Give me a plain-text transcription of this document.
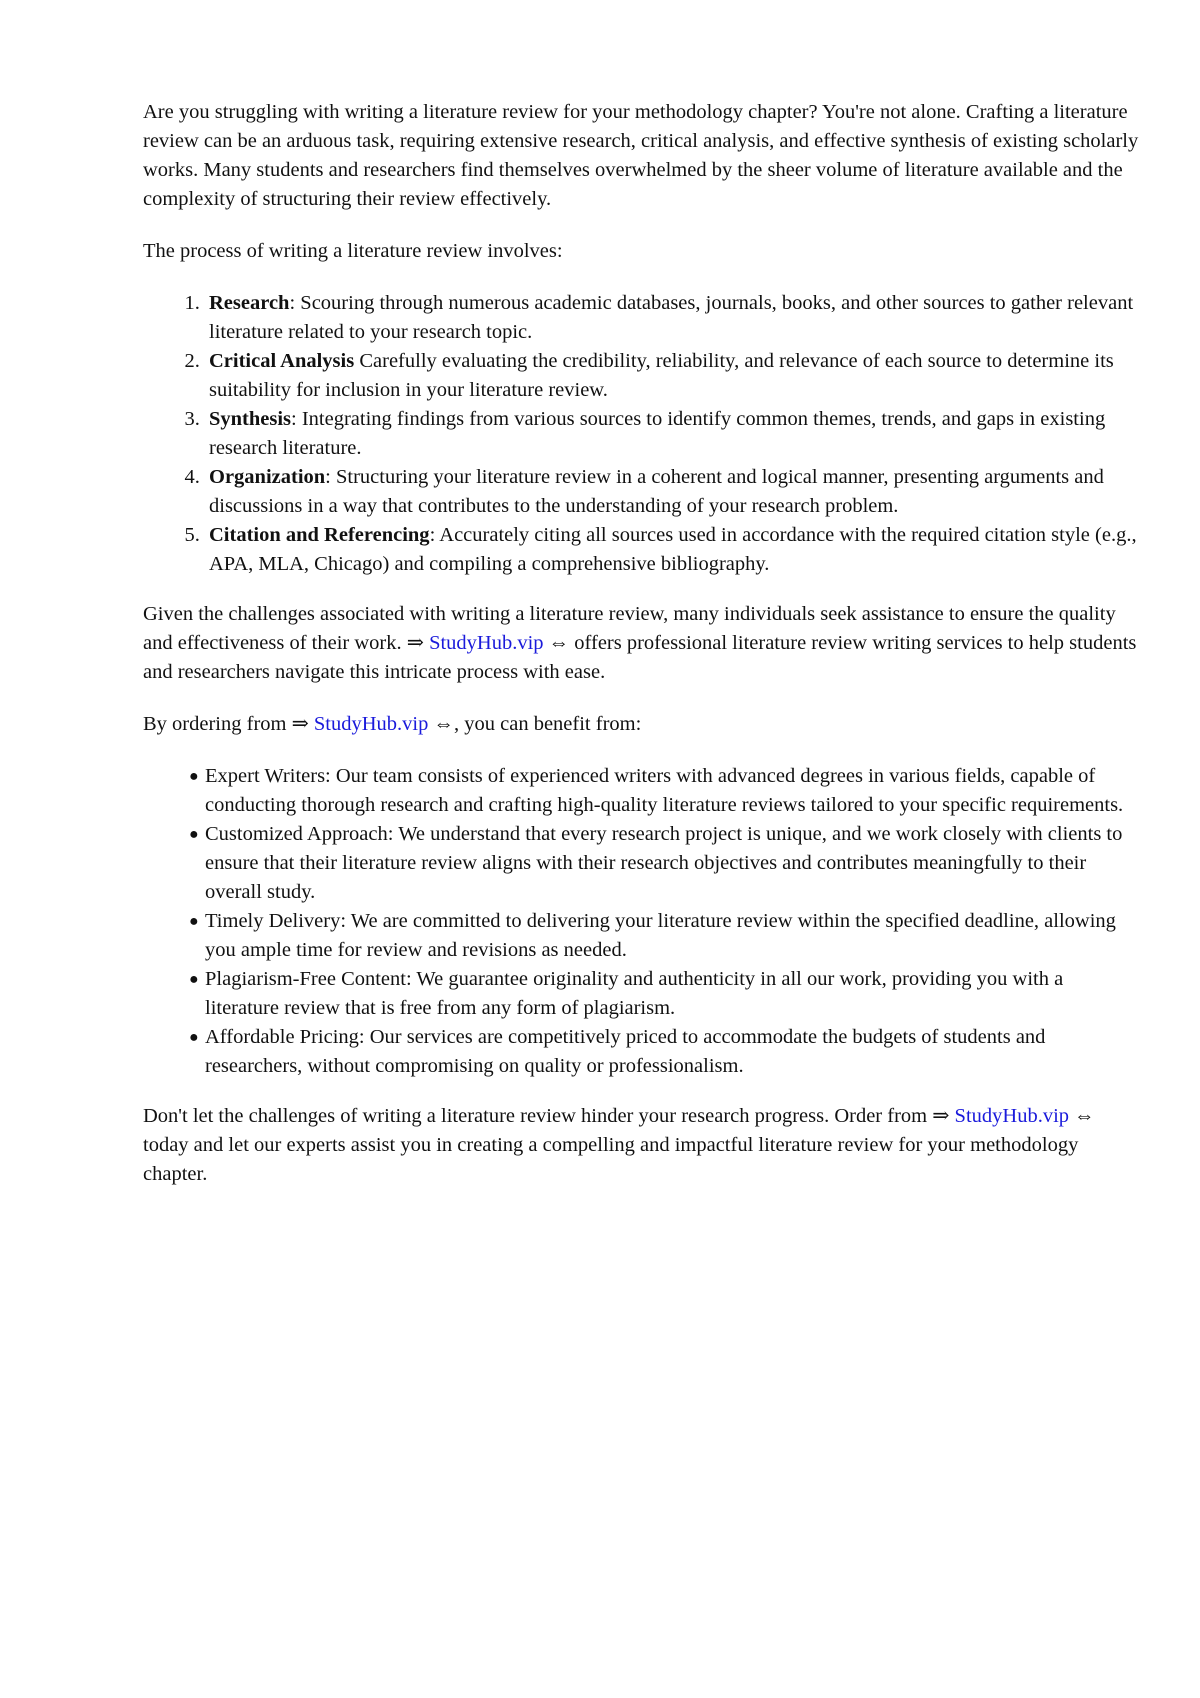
Are you struggling with writing a literature review for your methodology chapter? You're not alone. Crafting a literature review can be an arduous task, requiring extensive research, critical analysis, and effective synthesis of existing scholarly works. Many students and researchers find themselves overwhelmed by the sheer volume of literature available and the complexity of structuring their review effectively.

The process of writing a literature review involves:

1. Research: Scouring through numerous academic databases, journals, books, and other sources to gather relevant literature related to your research topic.
2. Critical Analysis Carefully evaluating the credibility, reliability, and relevance of each source to determine its suitability for inclusion in your literature review.
3. Synthesis: Integrating findings from various sources to identify common themes, trends, and gaps in existing research literature.
4. Organization: Structuring your literature review in a coherent and logical manner, presenting arguments and discussions in a way that contributes to the understanding of your research problem.
5. Citation and Referencing: Accurately citing all sources used in accordance with the required citation style (e.g., APA, MLA, Chicago) and compiling a comprehensive bibliography.

Given the challenges associated with writing a literature review, many individuals seek assistance to ensure the quality and effectiveness of their work. ⇒ StudyHub.vip ⇔ offers professional literature review writing services to help students and researchers navigate this intricate process with ease.

By ordering from ⇒ StudyHub.vip ⇔, you can benefit from:

● Expert Writers: Our team consists of experienced writers with advanced degrees in various fields, capable of conducting thorough research and crafting high-quality literature reviews tailored to your specific requirements.
● Customized Approach: We understand that every research project is unique, and we work closely with clients to ensure that their literature review aligns with their research objectives and contributes meaningfully to their overall study.
● Timely Delivery: We are committed to delivering your literature review within the specified deadline, allowing you ample time for review and revisions as needed.
● Plagiarism-Free Content: We guarantee originality and authenticity in all our work, providing you with a literature review that is free from any form of plagiarism.
● Affordable Pricing: Our services are competitively priced to accommodate the budgets of students and researchers, without compromising on quality or professionalism.

Don't let the challenges of writing a literature review hinder your research progress. Order from ⇒ StudyHub.vip ⇔ today and let our experts assist you in creating a compelling and impactful literature review for your methodology chapter.
